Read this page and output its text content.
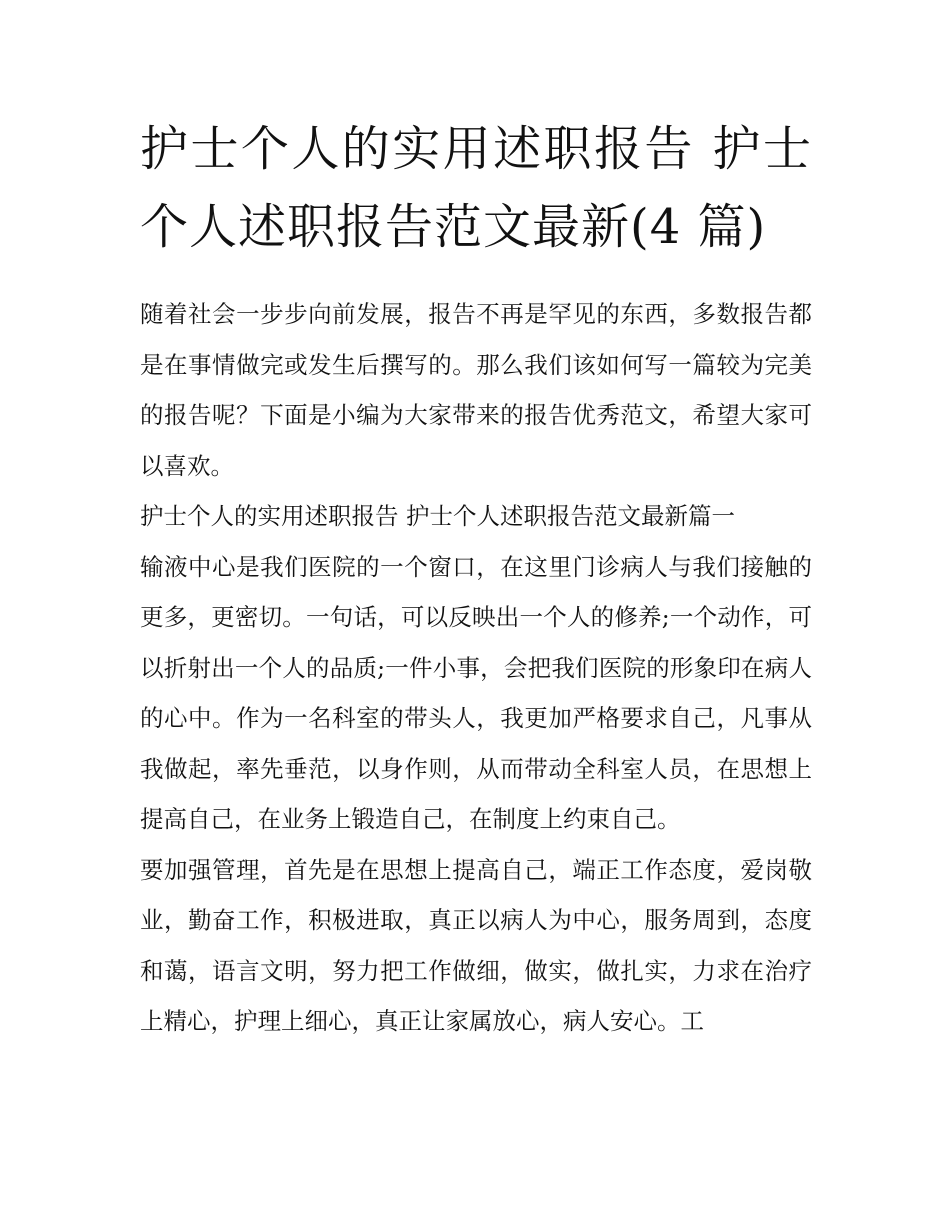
护士个人的实用述职报告 护士个人述职报告范文最新(4 篇)

随着社会一步步向前发展，报告不再是罕见的东西，多数报告都是在事情做完或发生后撰写的。那么我们该如何写一篇较为完美的报告呢？下面是小编为大家带来的报告优秀范文，希望大家可以喜欢。

护士个人的实用述职报告 护士个人述职报告范文最新篇一

输液中心是我们医院的一个窗口，在这里门诊病人与我们接触的更多，更密切。一句话，可以反映出一个人的修养;一个动作，可以折射出一个人的品质;一件小事，会把我们医院的形象印在病人的心中。作为一名科室的带头人，我更加严格要求自己，凡事从我做起，率先垂范，以身作则，从而带动全科室人员，在思想上提高自己，在业务上锻造自己，在制度上约束自己。

要加强管理，首先是在思想上提高自己，端正工作态度，爱岗敬业，勤奋工作，积极进取，真正以病人为中心，服务周到，态度和蔼，语言文明，努力把工作做细，做实，做扎实，力求在治疗上精心，护理上细心，真正让家属放心，病人安心。工
